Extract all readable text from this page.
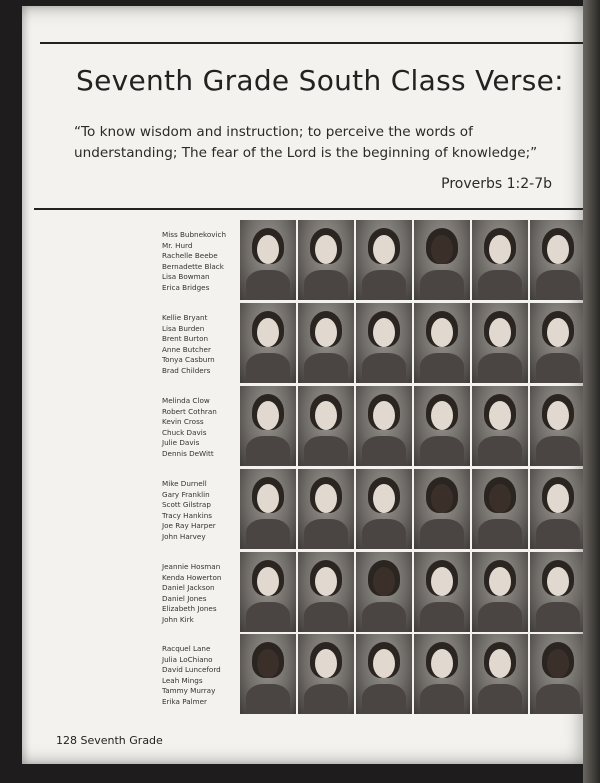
Seventh Grade South Class Verse:
“To know wisdom and instruction; to perceive the words of understanding; The fear of the Lord is the beginning of knowledge;”
Proverbs 1:2-7b
Miss Bubnekovich
Mr. Hurd
Rachelle Beebe
Bernadette Black
Lisa Bowman
Erica Bridges
Kellie Bryant
Lisa Burden
Brent Burton
Anne Butcher
Tonya Casburn
Brad Childers
Melinda Clow
Robert Cothran
Kevin Cross
Chuck Davis
Julie Davis
Dennis DeWitt
Mike Durnell
Gary Franklin
Scott Gilstrap
Tracy Hankins
Joe Ray Harper
John Harvey
Jeannie Hosman
Kenda Howerton
Daniel Jackson
Daniel Jones
Elizabeth Jones
John Kirk
Racquel Lane
Julia LoChiano
David Lunceford
Leah Mings
Tammy Murray
Erika Palmer
128 Seventh Grade
